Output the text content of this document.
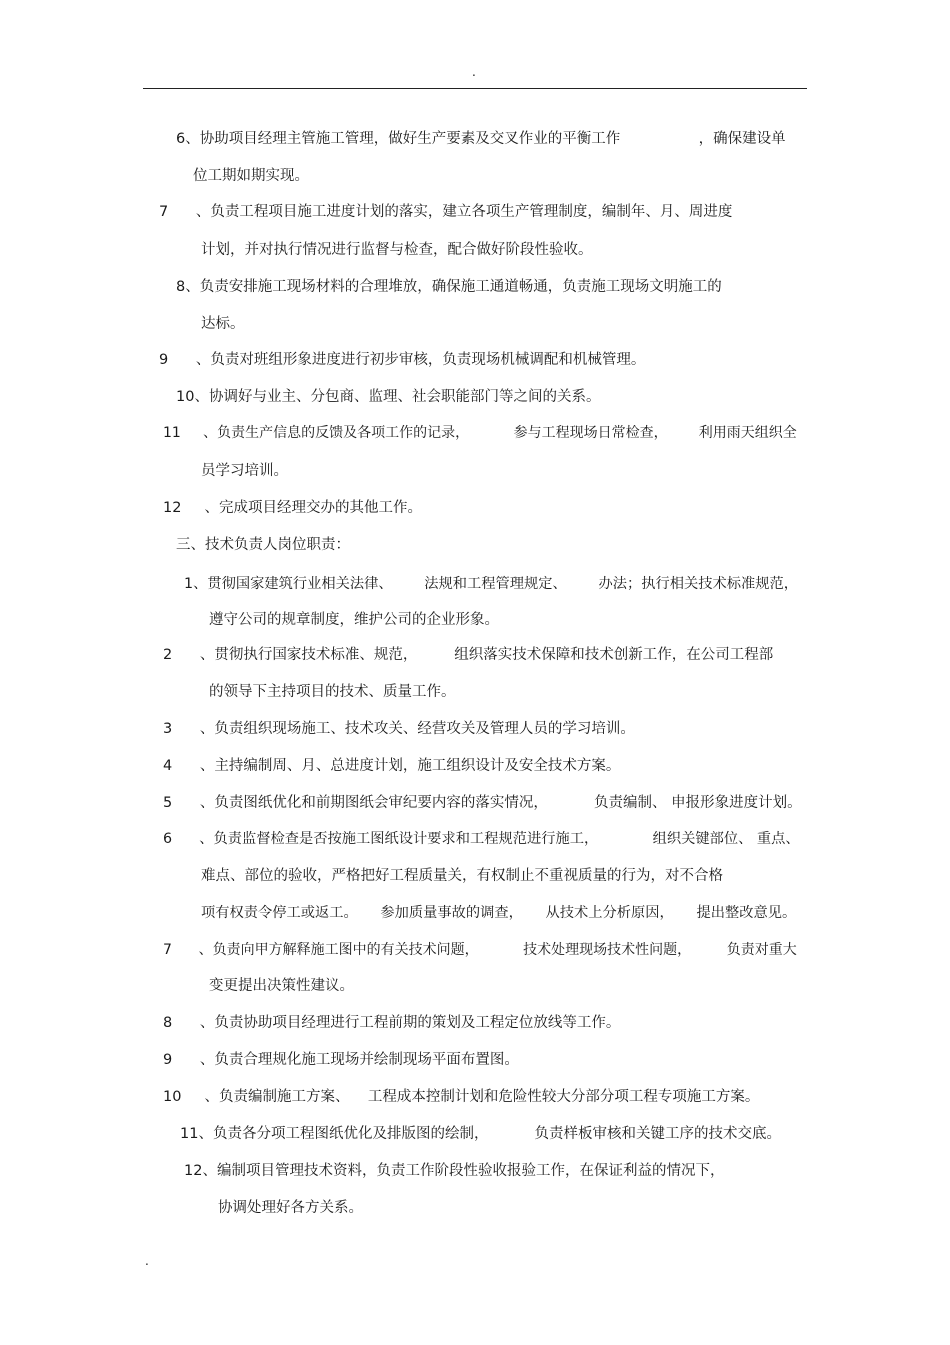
.
6、协助项目经理主管施工管理，做好生产要素及交叉作业的平衡工作                 ，确保建设单
位工期如期实现。
7      、负责工程项目施工进度计划的落实，建立各项生产管理制度，编制年、月、周进度
计划，并对执行情况进行监督与检查，配合做好阶段性验收。
8、负责安排施工现场材料的合理堆放，确保施工通道畅通，负责施工现场文明施工的
达标。
9      、负责对班组形象进度进行初步审核，负责现场机械调配和机械管理。
10、协调好与业主、分包商、监理、社会职能部门等之间的关系。
11     、负责生产信息的反馈及各项工作的记录，          参与工程现场日常检查，       利用雨天组织全
员学习培训。
12     、完成项目经理交办的其他工作。
三、技术负责人岗位职责：
1、贯彻国家建筑行业相关法律、       法规和工程管理规定、       办法；执行相关技术标准规范，
遵守公司的规章制度，维护公司的企业形象。
2      、贯彻执行国家技术标准、规范，        组织落实技术保障和技术创新工作，在公司工程部
的领导下主持项目的技术、质量工作。
3      、负责组织现场施工、技术攻关、经营攻关及管理人员的学习培训。
4      、主持编制周、月、总进度计划，施工组织设计及安全技术方案。
5      、负责图纸优化和前期图纸会审纪要内容的落实情况，          负责编制、 申报形象进度计划。
6      、负责监督检查是否按施工图纸设计要求和工程规范进行施工，            组织关键部位、 重点、
难点、部位的验收，严格把好工程质量关，有权制止不重视质量的行为，对不合格
项有权责令停工或返工。     参加质量事故的调查，     从技术上分析原因，     提出整改意见。
7      、负责向甲方解释施工图中的有关技术问题，          技术处理现场技术性问题，        负责对重大
变更提出决策性建议。
8      、负责协助项目经理进行工程前期的策划及工程定位放线等工作。
9      、负责合理规化施工现场并绘制现场平面布置图。
10     、负责编制施工方案、    工程成本控制计划和危险性较大分部分项工程专项施工方案。
11、负责各分项工程图纸优化及排版图的绘制，          负责样板审核和关键工序的技术交底。
12、编制项目管理技术资料，负责工作阶段性验收报验工作，在保证利益的情况下，
协调处理好各方关系。
.
